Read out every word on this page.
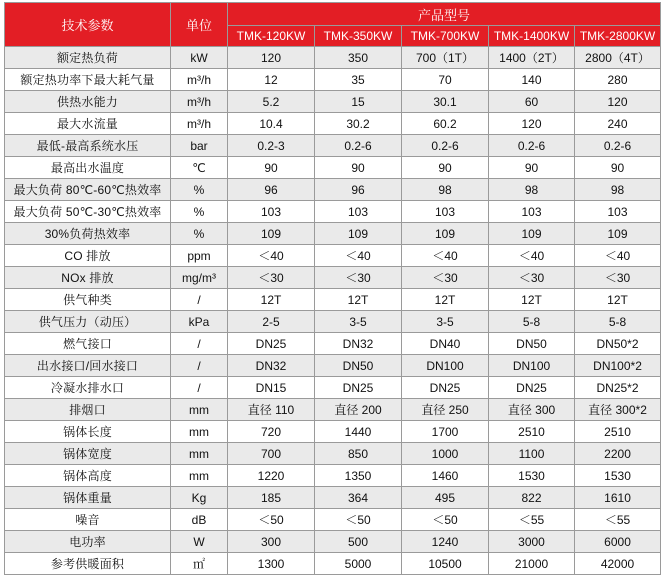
技术参数	单位	产品型号				
		TMK-120KW	TMK-350KW	TMK-700KW	TMK-1400KW	TMK-2800KW
额定热负荷	kW	120	350	700（1T）	1400（2T）	2800（4T）
额定热功率下最大耗气量	m³/h	12	35	70	140	280
供热水能力	m³/h	5.2	15	30.1	60	120
最大水流量	m³/h	10.4	30.2	60.2	120	240
最低-最高系统水压	bar	0.2-3	0.2-6	0.2-6	0.2-6	0.2-6
最高出水温度	℃	90	90	90	90	90
最大负荷 80℃-60℃热效率	%	96	96	98	98	98
最大负荷 50℃-30℃热效率	%	103	103	103	103	103
30%负荷热效率	%	109	109	109	109	109
CO 排放	ppm	＜40	＜40	＜40	＜40	＜40
NOx 排放	mg/m³	＜30	＜30	＜30	＜30	＜30
供气种类	/	12T	12T	12T	12T	12T
供气压力（动压）	kPa	2-5	3-5	3-5	5-8	5-8
燃气接口	/	DN25	DN32	DN40	DN50	DN50*2
出水接口/回水接口	/	DN32	DN50	DN100	DN100	DN100*2
冷凝水排水口	/	DN15	DN25	DN25	DN25	DN25*2
排烟口	mm	直径 110	直径 200	直径 250	直径 300	直径 300*2
锅体长度	mm	720	1440	1700	2510	2510
锅体宽度	mm	700	850	1000	1100	2200
锅体高度	mm	1220	1350	1460	1530	1530
锅体重量	Kg	185	364	495	822	1610
噪音	dB	＜50	＜50	＜50	＜55	＜55
电功率	W	300	500	1240	3000	6000
参考供暖面积	㎡	1300	5000	10500	21000	42000
